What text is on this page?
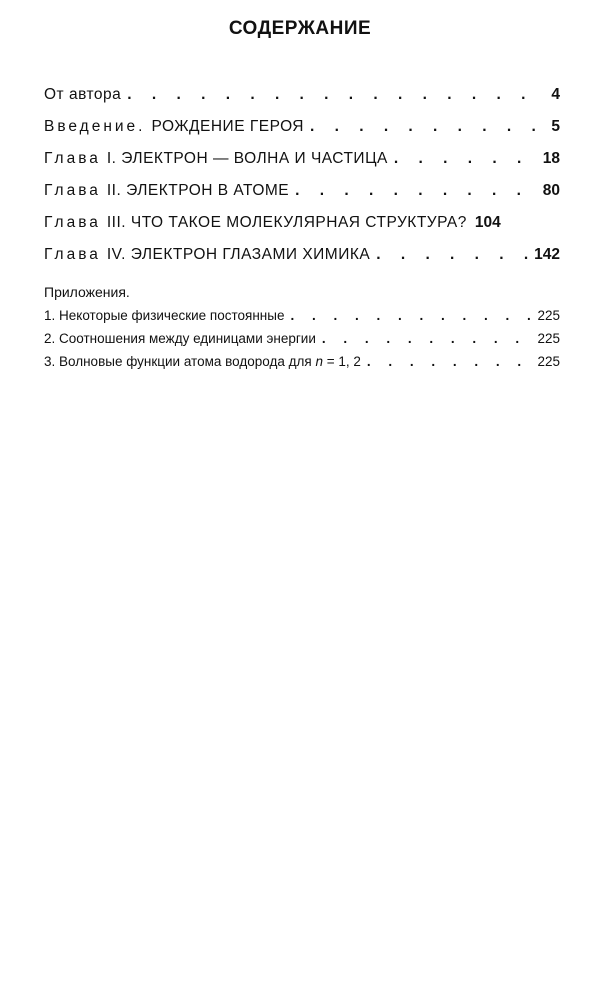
СОДЕРЖАНИЕ
От автора . . .	4
Введение. РОЖДЕНИЕ ГЕРОЯ . . .	5
Глава I. ЭЛЕКТРОН — ВОЛНА И ЧАСТИЦА . . .	18
Глава II. ЭЛЕКТРОН В АТОМЕ . . .	80
Глава III. ЧТО ТАКОЕ МОЛЕКУЛЯРНАЯ СТРУКТУРА? 104
Глава IV. ЭЛЕКТРОН ГЛАЗАМИ ХИМИКА . . .	142
Приложения.
1. Некоторые физические постоянные . . .	225
2. Соотношения между единицами энергии . . .	225
3. Волновые функции атома водорода для n = 1, 2 . . .	225
